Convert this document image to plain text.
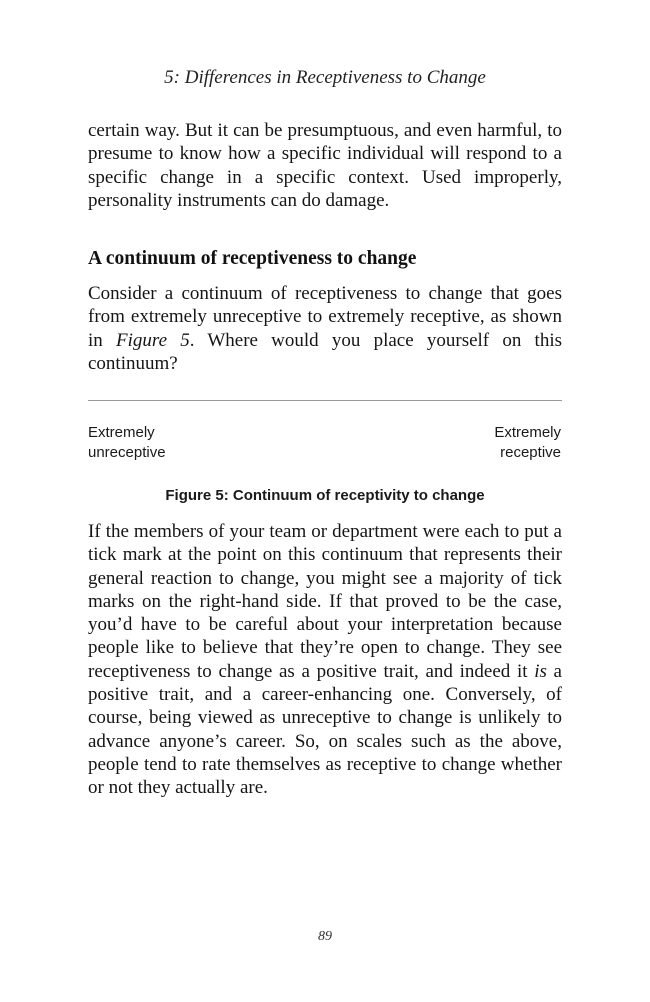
5: Differences in Receptiveness to Change

certain way. But it can be presumptuous, and even harmful, to presume to know how a specific individual will respond to a specific change in a specific context. Used improperly, personality instruments can do damage.

A continuum of receptiveness to change

Consider a continuum of receptiveness to change that goes from extremely unreceptive to extremely receptive, as shown in Figure 5. Where would you place yourself on this continuum?

Extremely
unreceptive
Extremely
receptive
Figure 5: Continuum of receptivity to change

If the members of your team or department were each to put a tick mark at the point on this continuum that represents their general reaction to change, you might see a majority of tick marks on the right-hand side. If that proved to be the case, you’d have to be careful about your interpretation because people like to believe that they’re open to change. They see receptiveness to change as a positive trait, and indeed it is a positive trait, and a career-enhancing one. Conversely, of course, being viewed as unreceptive to change is unlikely to advance anyone’s career. So, on scales such as the above, people tend to rate themselves as receptive to change whether or not they actually are.

89
